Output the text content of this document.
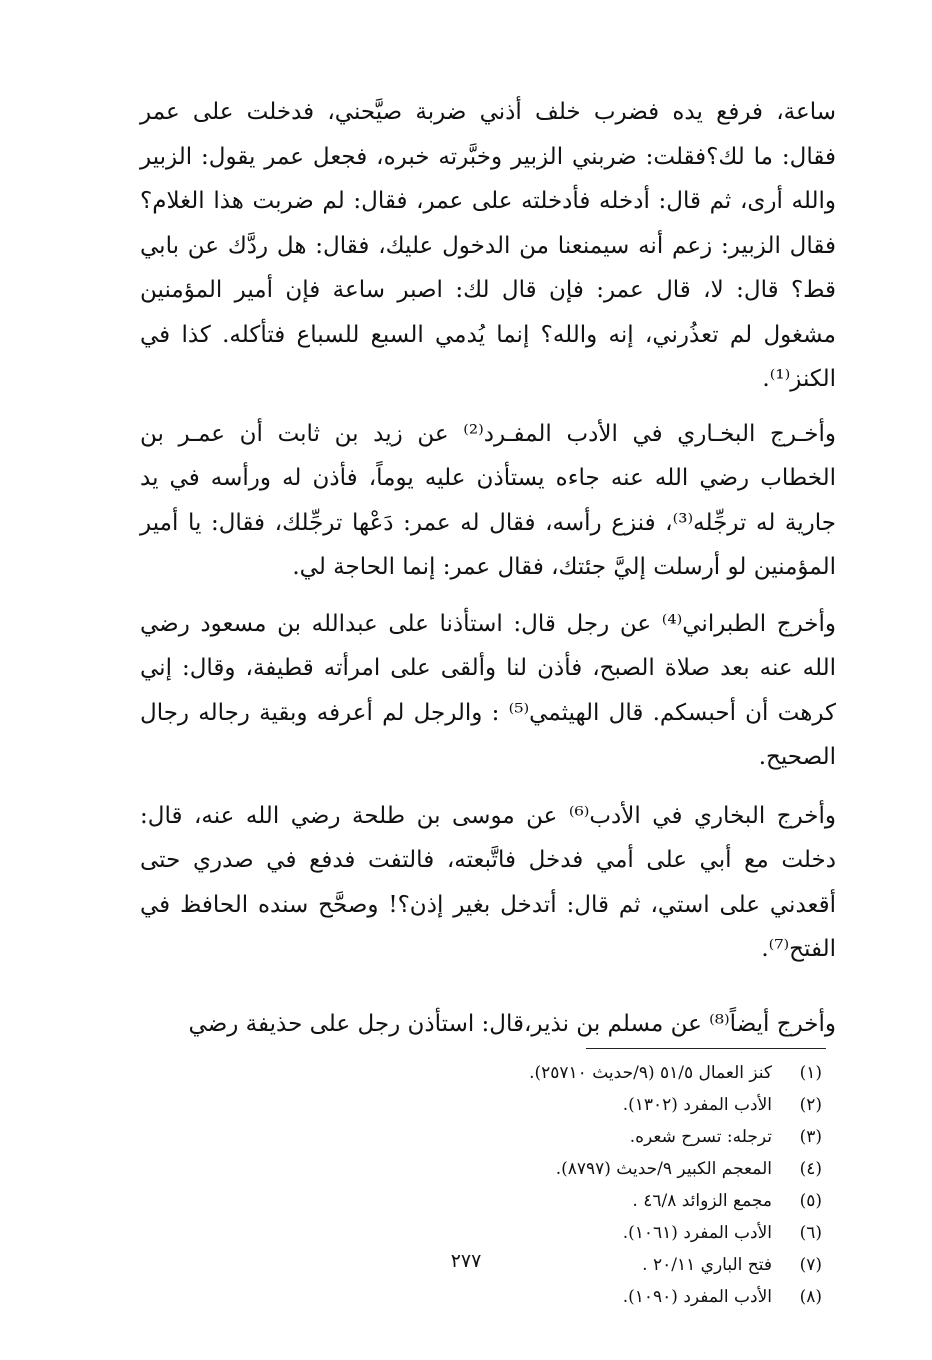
ساعة، فرفع يده فضرب خلف أذني ضربة صيَّحني، فدخلت على عمر فقال: ما لك؟فقلت: ضربني الزبير وخبَّرته خبره، فجعل عمر يقول: الزبير والله أرى، ثم قال: أدخله فأدخلته على عمر، فقال: لم ضربت هذا الغلام؟ فقال الزبير: زعم أنه سيمنعنا من الدخول عليك، فقال: هل ردَّك عن بابي قط؟ قال: لا، قال عمر: فإن قال لك: اصبر ساعة فإن أمير المؤمنين مشغول لم تعذُرني، إنه والله؟ إنما يُدمي السبع للسباع فتأكله. كذا في الكنز⁽¹⁾.

وأخـرج البخـاري في الأدب المفـرد⁽²⁾ عن زيد بن ثابت أن عمـر بن الخطاب رضي الله عنه جاءه يستأذن عليه يوماً، فأذن له ورأسه في يد جارية له ترجِّله⁽³⁾، فنزع رأسه، فقال له عمر: دَعْها ترجِّلك، فقال: يا أمير المؤمنين لو أرسلت إليَّ جئتك، فقال عمر: إنما الحاجة لي.

وأخرج الطبراني⁽⁴⁾ عن رجل قال: استأذنا على عبدالله بن مسعود رضي الله عنه بعد صلاة الصبح، فأذن لنا وألقى على امرأته قطيفة، وقال: إني كرهت أن أحبسكم. قال الهيثمي⁽⁵⁾ : والرجل لم أعرفه وبقية رجاله رجال الصحيح.

وأخرج البخاري في الأدب⁽⁶⁾ عن موسى بن طلحة رضي الله عنه، قال: دخلت مع أبي على أمي فدخل فاتَّبعته، فالتفت فدفع في صدري حتى أقعدني على استي، ثم قال: أتدخل بغير إذن؟! وصحَّح سنده الحافظ في الفتح⁽⁷⁾.

وأخرج أيضاً⁽⁸⁾ عن مسلم بن نذير،قال: استأذن رجل على حذيفة رضي

(١)كنز العمال ٥١/٥ (٩/حديث ٢٥٧١٠).
(٢)الأدب المفرد (١٣٠٢).
(٣)ترجله: تسرح شعره.
(٤)المعجم الكبير ٩/حديث (٨٧٩٧).
(٥)مجمع الزوائد ٤٦/٨ .
(٦)الأدب المفرد (١٠٦١).
(٧)فتح الباري ٢٠/١١ .
(٨)الأدب المفرد (١٠٩٠).
٢٧٧
